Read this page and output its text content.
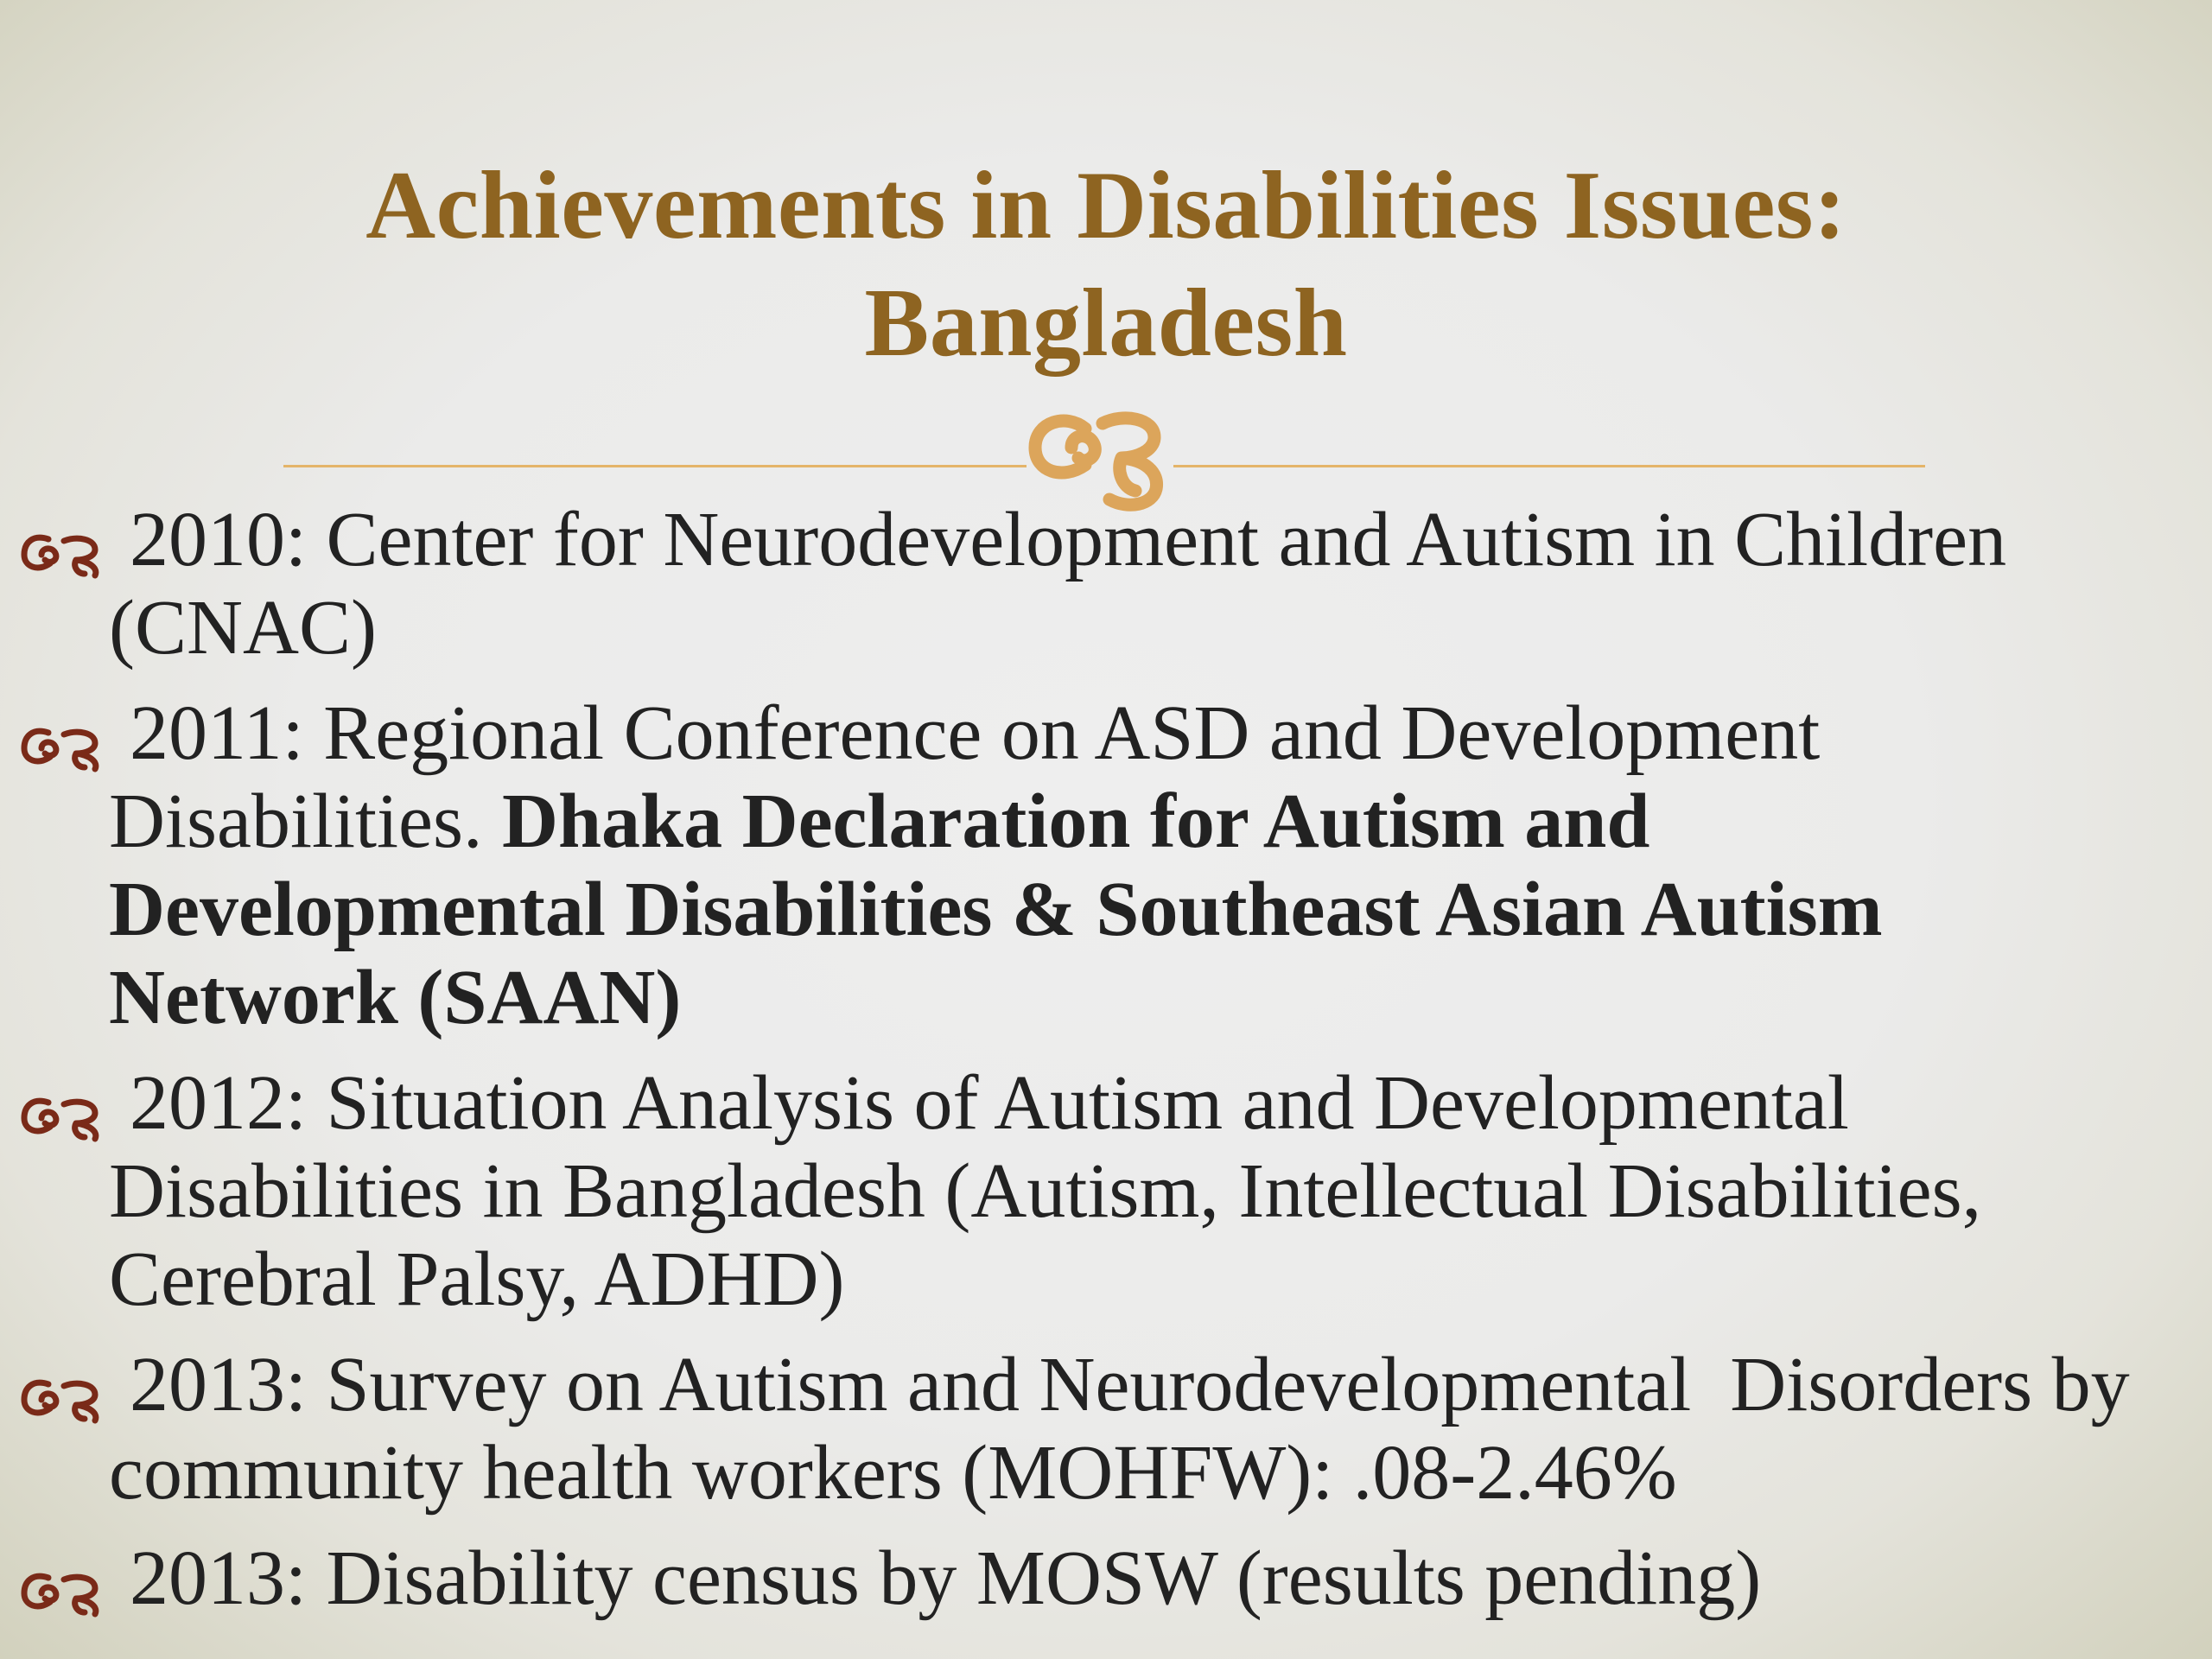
Achievements in Disabilities Issues:
Bangladesh
2010: Center for Neurodevelopment and Autism in Children
(CNAC)
2011: Regional Conference on ASD and Development
Disabilities. Dhaka Declaration for Autism and
Developmental Disabilities & Southeast Asian Autism
Network (SAAN)
2012: Situation Analysis of Autism and Developmental
Disabilities in Bangladesh (Autism, Intellectual Disabilities,
Cerebral Palsy, ADHD)
2013: Survey on Autism and Neurodevelopmental  Disorders by
community health workers (MOHFW): .08-2.46%
2013: Disability census by MOSW (results pending)
